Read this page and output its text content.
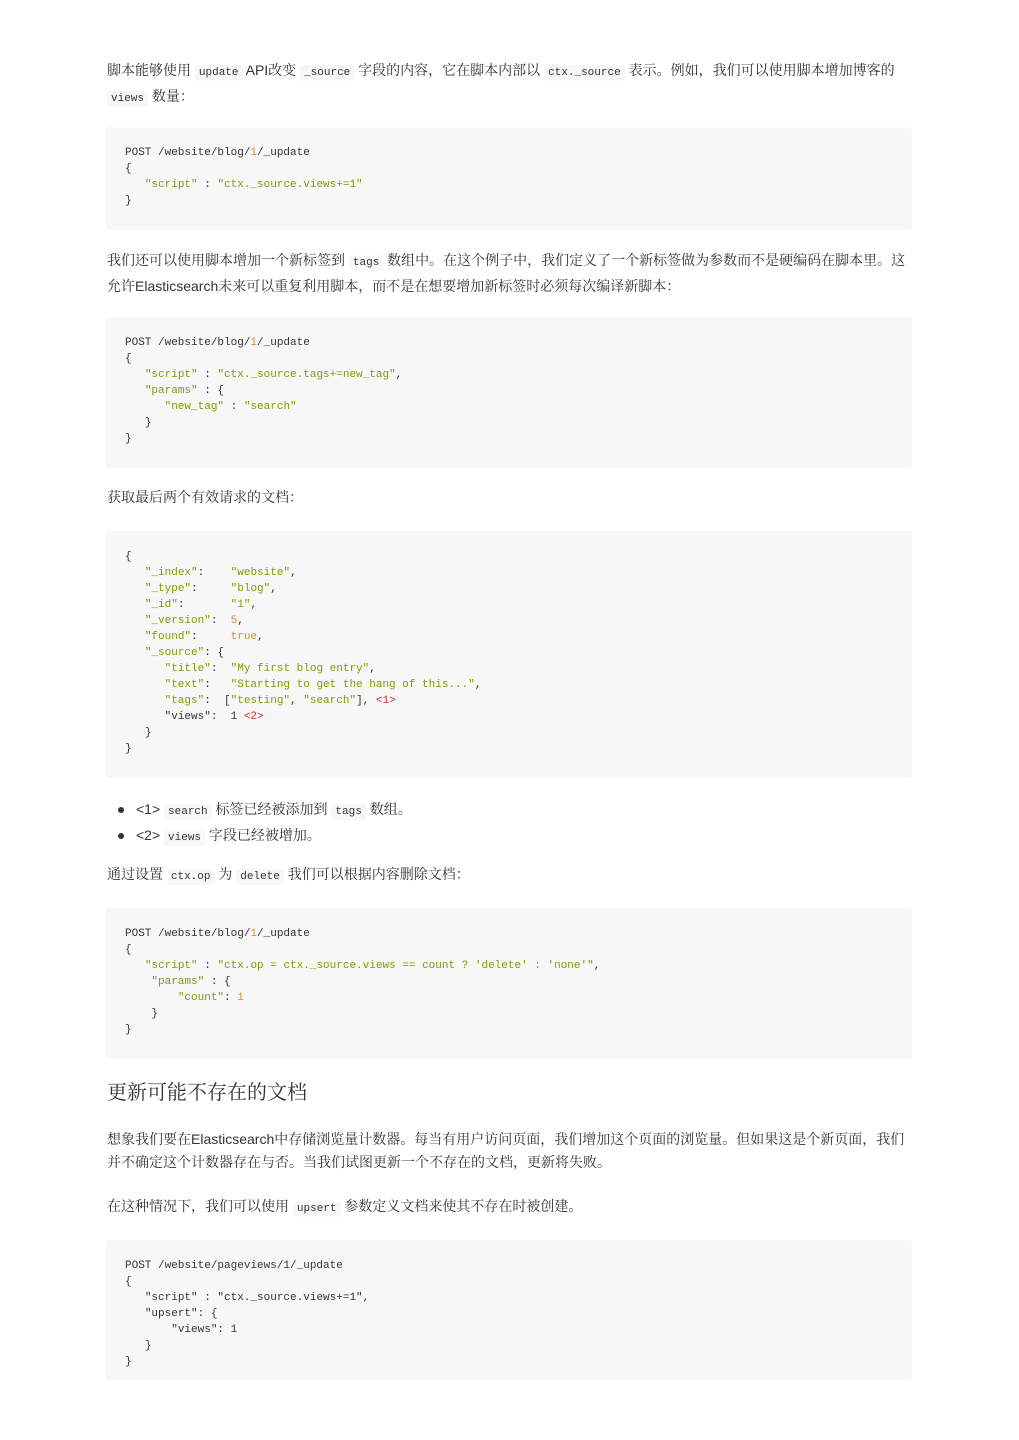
脚本能够使用 update API改变 _source 字段的内容，它在脚本内部以 ctx._source 表示。例如，我们可以使用脚本增加博客的 views 数量：

POST /website/blog/1/_update
{
"script" : "ctx._source.views+=1"
}

我们还可以使用脚本增加一个新标签到 tags 数组中。在这个例子中，我们定义了一个新标签做为参数而不是硬编码在脚本里。这允许Elasticsearch未来可以重复利用脚本，而不是在想要增加新标签时必须每次编译新脚本：

POST /website/blog/1/_update
{
"script" : "ctx._source.tags+=new_tag",
"params" : {
"new_tag" : "search"
}
}

获取最后两个有效请求的文档：

{
"_index":    "website",
"_type":     "blog",
"_id":       "1",
"_version":  5,
"found":     true,
"_source": {
"title":  "My first blog entry",
"text":   "Starting to get the hang of this...",
"tags":  ["testing", "search"], <1>
"views":  1 <2>
}
}
<1> search 标签已经被添加到 tags 数组。
<2> views 字段已经被增加。

通过设置 ctx.op 为 delete 我们可以根据内容删除文档：

POST /website/blog/1/_update
{
"script" : "ctx.op = ctx._source.views == count ? 'delete' : 'none'",
"params" : {
"count": 1
}
}
更新可能不存在的文档

想象我们要在Elasticsearch中存储浏览量计数器。每当有用户访问页面，我们增加这个页面的浏览量。但如果这是个新页面，我们并不确定这个计数器存在与否。当我们试图更新一个不存在的文档，更新将失败。

在这种情况下，我们可以使用 upsert 参数定义文档来使其不存在时被创建。

POST /website/pageviews/1/_update
{
"script" : "ctx._source.views+=1",
"upsert": {
"views": 1
}
}
